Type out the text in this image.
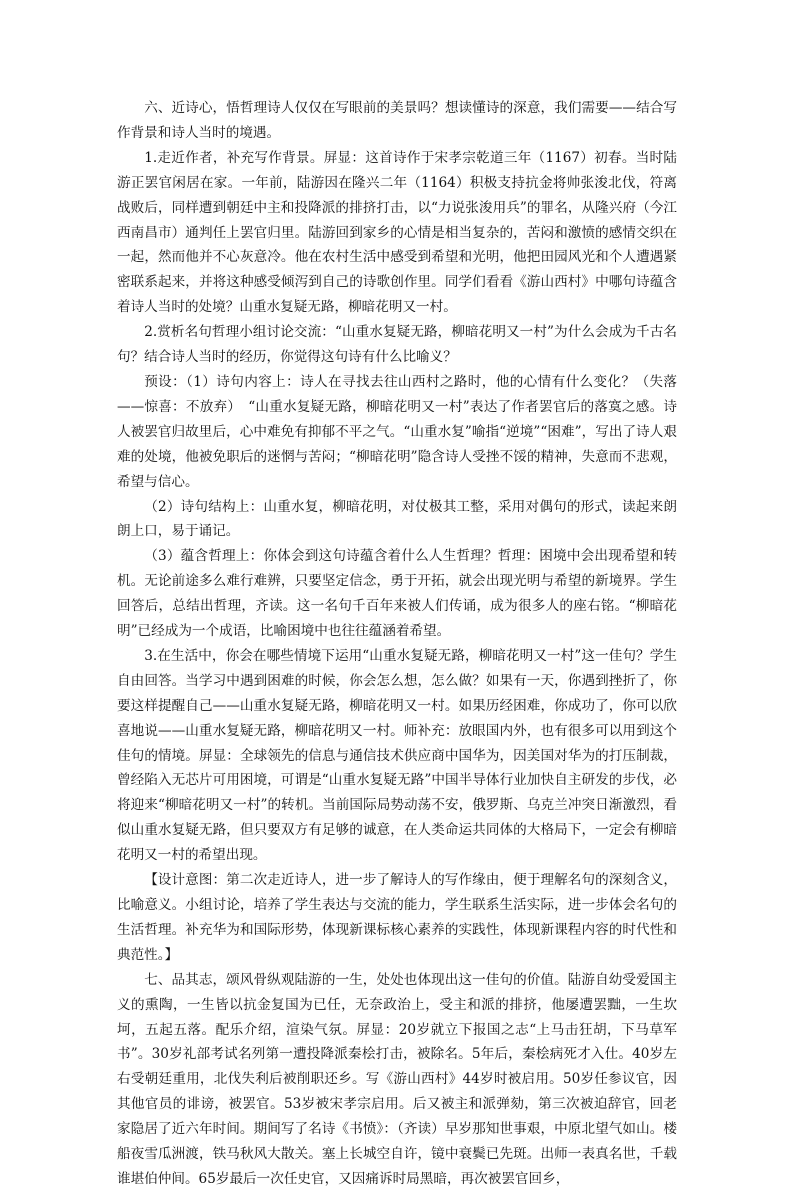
六、近诗心，悟哲理诗人仅仅在写眼前的美景吗？想读懂诗的深意，我们需要——结合写作背景和诗人当时的境遇。

1.走近作者，补充写作背景。屏显：这首诗作于宋孝宗乾道三年（1167）初春。当时陆游正罢官闲居在家。一年前，陆游因在隆兴二年（1164）积极支持抗金将帅张浚北伐，符离战败后，同样遭到朝廷中主和投降派的排挤打击，以“力说张浚用兵”的罪名，从隆兴府（今江西南昌市）通判任上罢官归里。陆游回到家乡的心情是相当复杂的，苦闷和激愤的感情交织在一起，然而他并不心灰意冷。他在农村生活中感受到希望和光明，他把田园风光和个人遭遇紧密联系起来，并将这种感受倾泻到自己的诗歌创作里。同学们看看《游山西村》中哪句诗蕴含着诗人当时的处境？山重水复疑无路，柳暗花明又一村。

2.赏析名句哲理小组讨论交流：“山重水复疑无路，柳暗花明又一村”为什么会成为千古名句？结合诗人当时的经历，你觉得这句诗有什么比喻义？

预设：（1）诗句内容上：诗人在寻找去往山西村之路时，他的心情有什么变化？（失落——惊喜：不放弃）　“山重水复疑无路，柳暗花明又一村”表达了作者罢官后的落寞之感。诗人被罢官归故里后，心中难免有抑郁不平之气。“山重水复”喻指“逆境”“困难”，写出了诗人艰难的处境，他被免职后的迷惘与苦闷；“柳暗花明”隐含诗人受挫不馁的精神，失意而不悲观，希望与信心。

（2）诗句结构上：山重水复，柳暗花明，对仗极其工整，采用对偶句的形式，读起来朗朗上口，易于诵记。

（3）蕴含哲理上：你体会到这句诗蕴含着什么人生哲理？哲理：困境中会出现希望和转机。无论前途多么难行难辨，只要坚定信念，勇于开拓，就会出现光明与希望的新境界。学生回答后，总结出哲理，齐读。这一名句千百年来被人们传诵，成为很多人的座右铭。“柳暗花明”已经成为一个成语，比喻困境中也往往蕴涵着希望。

3.在生活中，你会在哪些情境下运用“山重水复疑无路，柳暗花明又一村”这一佳句？学生自由回答。当学习中遇到困难的时候，你会怎么想，怎么做？如果有一天，你遇到挫折了，你要这样提醒自己——山重水复疑无路，柳暗花明又一村。如果历经困难，你成功了，你可以欣喜地说——山重水复疑无路，柳暗花明又一村。师补充：放眼国内外，也有很多可以用到这个佳句的情境。屏显：全球领先的信息与通信技术供应商中国华为，因美国对华为的打压制裁，曾经陷入无芯片可用困境，可谓是“山重水复疑无路”中国半导体行业加快自主研发的步伐，必将迎来“柳暗花明又一村”的转机。当前国际局势动荡不安，俄罗斯、乌克兰冲突日渐激烈，看似山重水复疑无路，但只要双方有足够的诚意，在人类命运共同体的大格局下，一定会有柳暗花明又一村的希望出现。

【设计意图：第二次走近诗人，进一步了解诗人的写作缘由，便于理解名句的深刻含义，比喻意义。小组讨论，培养了学生表达与交流的能力，学生联系生活实际，进一步体会名句的生活哲理。补充华为和国际形势，体现新课标核心素养的实践性，体现新课程内容的时代性和典范性。】

七、品其志，颂风骨纵观陆游的一生，处处也体现出这一佳句的价值。陆游自幼受爱国主义的熏陶，一生皆以抗金复国为已任，无奈政治上，受主和派的排挤，他屡遭罢黜，一生坎坷，五起五落。配乐介绍，渲染气氛。屏显：20岁就立下报国之志“上马击狂胡，下马草军书”。30岁礼部考试名列第一遭投降派秦桧打击，被除名。5年后，秦桧病死才入仕。40岁左右受朝廷重用，北伐失利后被削职还乡。写《游山西村》44岁时被启用。50岁任参议官，因其他官员的诽谤，被罢官。53岁被宋孝宗启用。后又被主和派弹劾，第三次被迫辞官，回老家隐居了近六年时间。期间写了名诗《书愤》：（齐读）早岁那知世事艰，中原北望气如山。楼船夜雪瓜洲渡，铁马秋风大散关。塞上长城空自许，镜中衰鬓已先斑。出师一表真名世，千载谁堪伯仲间。65岁最后一次任史官，又因痛诉时局黑暗，再次被罢官回乡，
